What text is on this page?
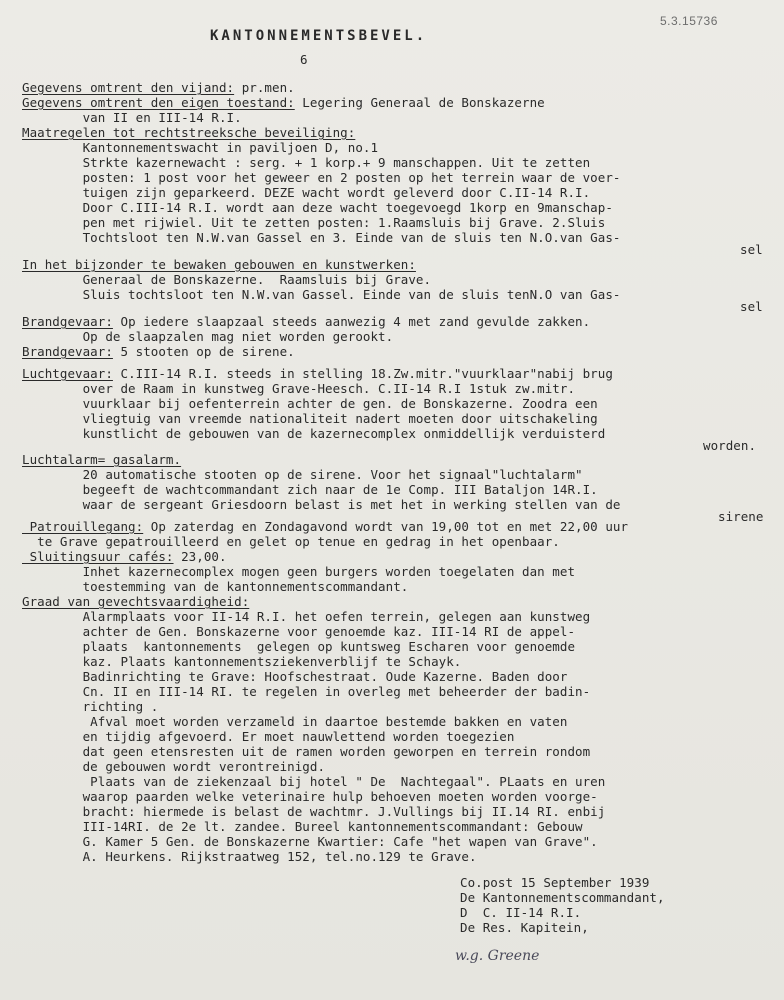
5.3.15736
KANTONNEMENTSBEVEL.
6
Gegevens omtrent den vijand: pr.men.
Gegevens omtrent den eigen toestand: Legering Generaal de Bonskazerne
van II en III-14 R.I.
Maatregelen tot rechtstreeksche beveiliging:
Kantonnementswacht in paviljoen D, no.1
Strkte kazernewacht : serg. + 1 korp.+ 9 manschappen. Uit te zetten
posten: 1 post voor het geweer en 2 posten op het terrein waar de voer-
tuigen zijn geparkeerd. DEZE wacht wordt geleverd door C.II-14 R.I.
Door C.III-14 R.I. wordt aan deze wacht toegevoegd 1korp en 9manschap-
pen met rijwiel. Uit te zetten posten: 1.Raamsluis bij Grave. 2.Sluis
Tochtsloot ten N.W.van Gassel en 3. Einde van de sluis ten N.O.van Gas-
sel
In het bijzonder te bewaken gebouwen en kunstwerken:
Generaal de Bonskazerne.  Raamsluis bij Grave.
Sluis tochtsloot ten N.W.van Gassel. Einde van de sluis tenN.O van Gas-
sel
Brandgevaar: Op iedere slaapzaal steeds aanwezig 4 met zand gevulde zakken.
Op de slaapzalen mag niet worden gerookt.
Brandgevaar: 5 stooten op de sirene.
Luchtgevaar: C.III-14 R.I. steeds in stelling 18.Zw.mitr."vuurklaar"nabij brug
over de Raam in kunstweg Grave-Heesch. C.II-14 R.I 1stuk zw.mitr.
vuurklaar bij oefenterrein achter de gen. de Bonskazerne. Zoodra een
vliegtuig van vreemde nationaliteit nadert moeten door uitschakeling
kunstlicht de gebouwen van de kazernecomplex onmiddellijk verduisterd
worden.
Luchtalarm= gasalarm.
20 automatische stooten op de sirene. Voor het signaal"luchtalarm"
begeeft de wachtcommandant zich naar de 1e Comp. III Bataljon 14R.I.
waar de sergeant Griesdoorn belast is met het in werking stellen van de
sirene
Patrouillegang: Op zaterdag en Zondagavond wordt van 19,00 tot en met 22,00 uur
te Grave gepatrouilleerd en gelet op tenue en gedrag in het openbaar.
Sluitingsuur cafés: 23,00.
Inhet kazernecomplex mogen geen burgers worden toegelaten dan met
toestemming van de kantonnementscommandant.
Graad van gevechtsvaardigheid:
Alarmplaats voor II-14 R.I. het oefen terrein, gelegen aan kunstweg
achter de Gen. Bonskazerne voor genoemde kaz. III-14 RI de appel-
plaats  kantonnements  gelegen op kuntsweg Escharen voor genoemde
kaz. Plaats kantonnementsziekenverblijf te Schayk.
Badinrichting te Grave: Hoofschestraat. Oude Kazerne. Baden door
Cn. II en III-14 RI. te regelen in overleg met beheerder der badin-
richting .
Afval moet worden verzameld in daartoe bestemde bakken en vaten
en tijdig afgevoerd. Er moet nauwlettend worden toegezien
dat geen etensresten uit de ramen worden geworpen en terrein rondom
de gebouwen wordt verontreinigd.
Plaats van de ziekenzaal bij hotel " De  Nachtegaal". PLaats en uren
waarop paarden welke veterinaire hulp behoeven moeten worden voorge-
bracht: hiermede is belast de wachtmr. J.Vullings bij II.14 RI. enbij
III-14RI. de 2e lt. zandee. Bureel kantonnementscommandant: Gebouw
G. Kamer 5 Gen. de Bonskazerne Kwartier: Cafe "het wapen van Grave".
A. Heurkens. Rijkstraatweg 152, tel.no.129 te Grave.
Co.post 15 September 1939
De Kantonnementscommandant,
D  C. II-14 R.I.
De Res. Kapitein,
w.g. Greene
